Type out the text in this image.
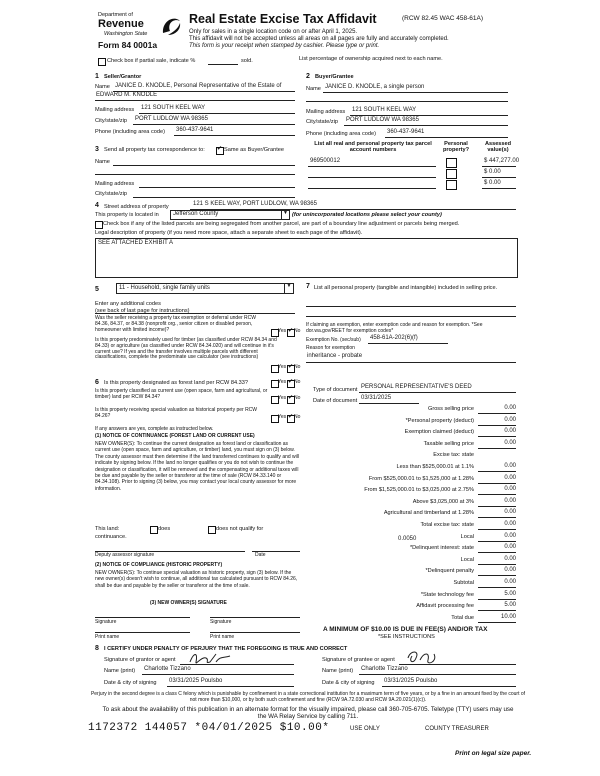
Department of
Revenue
Washington State
Form 84 0001a
Real Estate Excise Tax Affidavit	(RCW 82.45 WAC 458-61A)
Only for sales in a single location code on or after April 1, 2025.
This affidavit will not be accepted unless all areas on all pages are fully and accurately completed.
This form is your receipt when stamped by cashier. Please type or print.
Check box if partial sale, indicate %	sold.	List percentage of ownership acquired next to each name.
1 Seller/Grantor
Name JANICE D. KNODLE, Personal Representative of the Estate of
EDWARD M. KNODLE
Mailing address 121 SOUTH KEEL WAY
City/state/zip PORT LUDLOW WA 98365
Phone (including area code) 360-437-9641
2 Buyer/Grantee
Name JANICE D. KNODLE, a single person
Mailing address 121 SOUTH KEEL WAY
City/state/zip PORT LUDLOW WA 98365
Phone (including area code) 360-437-9641
3 Send all property tax correspondence to: ✔	Same as Buyer/Grantee
Name
Mailing address
City/state/zip
List all real and personal property tax parcel account numbers
Personal property?
Assessed value(s)
969500012	$ 447,277.00
$ 0.00
$ 0.00
4 Street address of property	121 S KEEL WAY, PORT LUDLOW, WA 98365
This property is located in Jefferson County	▼ (for unincorporated locations please select your county)
Check box if any of the listed parcels are being segregated from another parcel, are part of a boundary line adjustment or parcels being merged.
Legal description of property (if you need more space, attach a separate sheet to each page of the affidavit).
SEE ATTACHED EXHIBIT A
5	11 - Household, single family units	▼
Enter any additional codes
(see back of last page for instructions)
Was the seller receiving a property tax exemption or deferral under RCW 84.36, 84.37, or 84.38 (nonprofit org., senior citizen or disabled person, homeowner with limited income)?	Yes ✔ No
Is this property predominately used for timber (as classified under RCW 84.34 and 84.33) or agriculture (as classified under RCW 84.34.020) and will continue in it's current use? If yes and the transfer involves multiple parcels with different classifications, complete the predominate use calculator (see instructions)
Yes ✔ No
6 Is this property designated as forest land per RCW 84.33?	Yes ✔ No
Is this property classified as current use (open space, farm and agricultural, or timber) land per RCW 84.34?	Yes ✔ No
Is this property receiving special valuation as historical property per RCW 84.26?	Yes ✔ No
If any answers are yes, complete as instructed below.
(1) NOTICE OF CONTINUANCE (FOREST LAND OR CURRENT USE)
NEW OWNER(S): To continue the current designation as forest land or classification as current use (open space, farm and agriculture, or timber) land, you must sign on (3) below. The county assessor must then determine if the land transferred continues to qualify and will indicate by signing below. If the land no longer qualifies or you do not wish to continue the designation or classification, it will be removed and the compensating or additional taxes will be due and payable by the seller or transferor at the time of sale (RCW 84.33.140 or 84.34.108). Prior to signing (3) below, you may contact your local county assessor for more information.
This land:	does	does not qualify for
continuance.
Deputy assessor signature	Date
(2) NOTICE OF COMPLIANCE (HISTORIC PROPERTY)
NEW OWNER(S): To continue special valuation as historic property, sign (3) below. If the new owner(s) doesn't wish to continue, all additional tax calculated pursuant to RCW 84.26, shall be due and payable by the seller or transferor at the time of sale.
(3) NEW OWNER(S) SIGNATURE
Signature	Signature
Print name	Print name
7 List all personal property (tangible and intangible) included in selling price.
If claiming an exemption, enter exemption code and reason for exemption. *See dor.wa.gov/REET for exemption codes*
Exemption No. (sec/sub) 458-61A-202(6)(f)
Reason for exemption
inheritance - probate
Type of document PERSONAL REPRESENTATIVE'S DEED
Date of document 03/31/2025
Gross selling price	0.00
*Personal property (deduct)	0.00
Exemption claimed (deduct)	0.00
Taxable selling price	0.00
Excise tax: state
Less than $525,000.01 at 1.1%	0.00
From $525,000.01 to $1,525,000 at 1.28%	0.00
From $1,525,000.01 to $3,025,000 at 2.75%	0.00
Above $3,025,000 at 3%	0.00
Agricultural and timberland at 1.28%	0.00
Total excise tax: state	0.00
Local	0.00
*Delinquent interest: state	0.00
Local	0.00
*Delinquent penalty	0.00
Subtotal	0.00
*State technology fee	5.00
Affidavit processing fee	5.00
Total due	10.00
0.0050
A MINIMUM OF $10.00 IS DUE IN FEE(S) AND/OR TAX
*SEE INSTRUCTIONS
8 I CERTIFY UNDER PENALTY OF PERJURY THAT THE FOREGOING IS TRUE AND CORRECT
Signature of grantor or agent
Name (print) Charlotte Tizzano
Date & city of signing 03/31/2025 Poulsbo
Signature of grantee or agent
Name (print) Charlotte Tizzano
Date & city of signing 03/31/2025 Poulsbo
Perjury in the second degree is a class C felony which is punishable by confinement in a state correctional institution for a maximum term of five years, or by a fine in an amount fixed by the court of not more than $10,000, or by both such confinement and fine (RCW 9A.72.030 and RCW 9A.20.021(1)(c)).
To ask about the availability of this publication in an alternate format for the visually impaired, please call 360-705-6705. Teletype (TTY) users may use the WA Relay Service by calling 711.
1172372 144057 *04/01/2025 $10.00*	USE ONLY	COUNTY TREASURER
Print on legal size paper.
